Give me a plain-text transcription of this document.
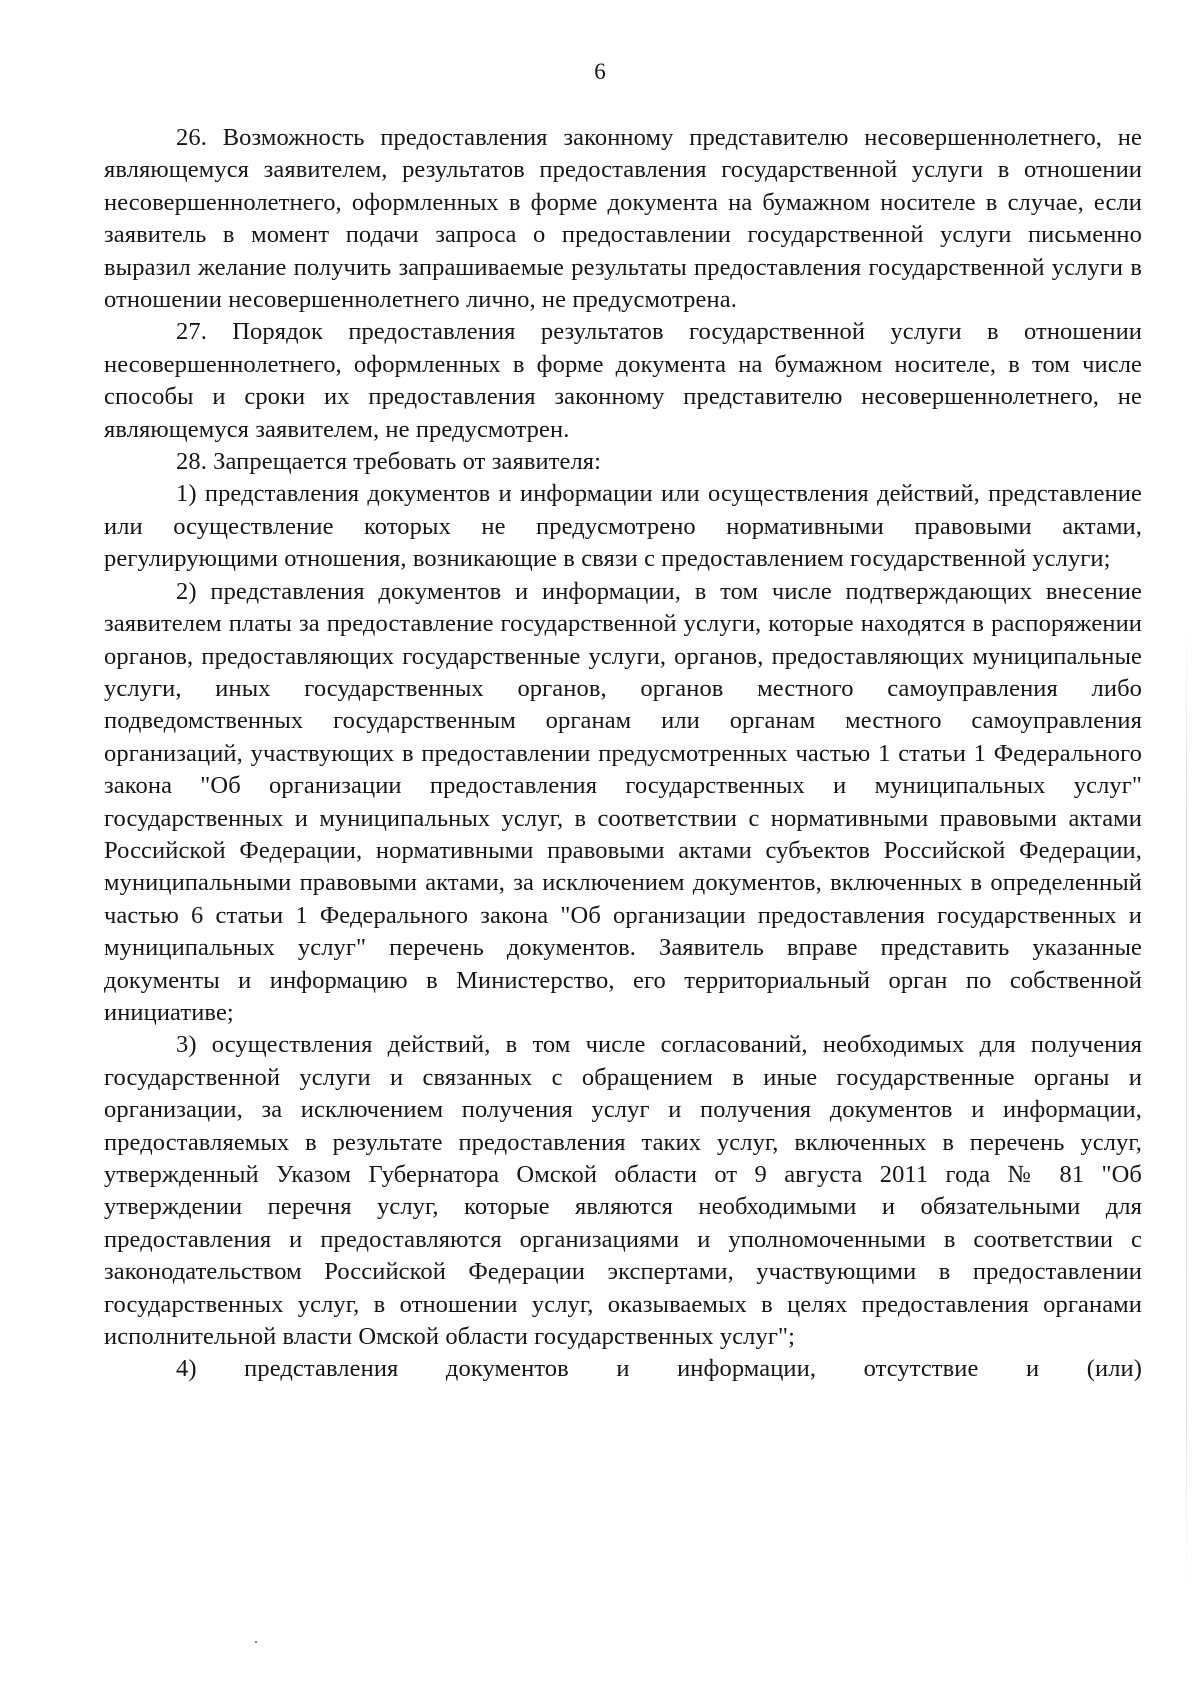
6

26. Возможность предоставления законному представителю несовершеннолетнего, не являющемуся заявителем, результатов предоставления государственной услуги в отношении несовершеннолетнего, оформленных в форме документа на бумажном носителе в случае, если заявитель в момент подачи запроса о предоставлении государственной услуги письменно выразил желание получить запрашиваемые результаты предоставления государственной услуги в отношении несовершеннолетнего лично, не предусмотрена.

27. Порядок предоставления результатов государственной услуги в отношении несовершеннолетнего, оформленных в форме документа на бумажном носителе, в том числе способы и сроки их предоставления законному представителю несовершеннолетнего, не являющемуся заявителем, не предусмотрен.

28. Запрещается требовать от заявителя:

1) представления документов и информации или осуществления действий, представление или осуществление которых не предусмотрено нормативными правовыми актами, регулирующими отношения, возникающие в связи с предоставлением государственной услуги;

2) представления документов и информации, в том числе подтверждающих внесение заявителем платы за предоставление государственной услуги, которые находятся в распоряжении органов, предоставляющих государственные услуги, органов, предоставляющих муниципальные услуги, иных государственных органов, органов местного самоуправления либо подведомственных государственным органам или органам местного самоуправления организаций, участвующих в предоставлении предусмотренных частью 1 статьи 1 Федерального закона "Об организации предоставления государственных и муниципальных услуг" государственных и муниципальных услуг, в соответствии с нормативными правовыми актами Российской Федерации, нормативными правовыми актами субъектов Российской Федерации, муниципальными правовыми актами, за исключением документов, включенных в определенный частью 6 статьи 1 Федерального закона "Об организации предоставления государственных и муниципальных услуг" перечень документов. Заявитель вправе представить указанные документы и информацию в Министерство, его территориальный орган по собственной инициативе;

3) осуществления действий, в том числе согласований, необходимых для получения государственной услуги и связанных с обращением в иные государственные органы и организации, за исключением получения услуг и получения документов и информации, предоставляемых в результате предоставления таких услуг, включенных в перечень услуг, утвержденный Указом Губернатора Омской области от 9 августа 2011 года № 81 "Об утверждении перечня услуг, которые являются необходимыми и обязательными для предоставления и предоставляются организациями и уполномоченными в соответствии с законодательством Российской Федерации экспертами, участвующими в предоставлении государственных услуг, в отношении услуг, оказываемых в целях предоставления органами исполнительной власти Омской области государственных услуг";

4) представления документов и информации, отсутствие и (или)
